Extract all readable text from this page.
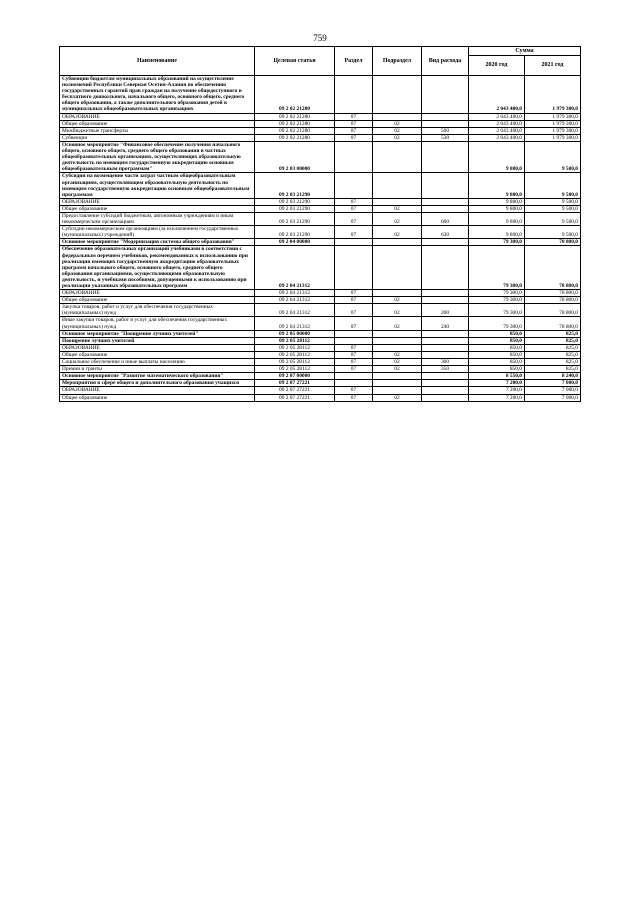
759
Наименование	Целевая статья	Раздел	Подраздел	Вид расхода	Сумма	
					2020 год	2021 год
Субвенции бюджетам муниципальных образований на осуществление полномочий Республики Северная Осетия-Алания по обеспечению государственных гарантий прав граждан на получение общедоступного и бесплатного дошкольного, начального общего, основного общего, среднего общего образования, а также дополнительного образования детей в муниципальных общеобразовательных организациях	09 2 02 21280				2 043 400,0	1 979 300,0
ОБРАЗОВАНИЕ	09 2 02 21280	07			2 043 400,0	1 979 300,0
Общее образование	09 2 02 21280	07	02		2 043 400,0	1 979 300,0
Межбюджетные трансферты	09 2 02 21280	07	02	500	2 043 400,0	1 979 300,0
Субвенции	09 2 02 21280	07	02	530	2 043 400,0	1 979 300,0
Основное мероприятие "Финансовое обеспечение получения начального общего, основного общего, среднего общего образования в частных общеобразовательных организациях, осуществляющих образовательную деятельность по имеющим государственную аккредитацию основным общеобразовательным программам"	09 2 03 00000				9 800,0	9 500,0
Субсидии на возмещение части затрат частным общеобразовательным организациям, осуществляющим образовательную деятельность по имеющим государственную аккредитацию основным общеобразовательным программам	09 2 03 21290				9 800,0	9 500,0
ОБРАЗОВАНИЕ	09 2 03 21290	07			9 800,0	9 500,0
Общее образование	09 2 03 21290	07	02		9 800,0	9 500,0
Предоставление субсидий бюджетным, автономным учреждениям и иным некоммерческим организациям	09 2 03 21290	07	02	600	9 800,0	9 500,0
Субсидии некоммерческим организациям (за исключением государственных (муниципальных) учреждений)	09 2 03 21290	07	02	630	9 800,0	9 500,0
Основное мероприятие "Модернизация системы общего образования"	09 2 04 00000				79 300,0	78 800,0
Обеспечение образовательных организаций учебниками в соответствии с федеральным перечнем учебников, рекомендованных к использованию при реализации имеющих государственную аккредитацию образовательных программ начального общего, основного общего, среднего общего образования организациями, осуществляющими образовательную деятельность, и учебными пособиями, допущенными к использованию при реализации указанных образовательных программ	09 2 04 21312				79 300,0	78 800,0
ОБРАЗОВАНИЕ	09 2 04 21312	07			79 300,0	78 800,0
Общее образование	09 2 04 21312	07	02		79 300,0	78 800,0
Закупка товаров, работ и услуг для обеспечения государственных (муниципальных) нужд	09 2 04 21312	07	02	200	79 300,0	78 800,0
Иные закупки товаров, работ и услуг для обеспечения государственных (муниципальных) нужд	09 2 04 21312	07	02	240	79 300,0	78 800,0
Основное мероприятие "Поощрение лучших учителей"	09 2 05 00000				850,0	825,0
Поощрение лучших учителей	09 2 05 28112				850,0	825,0
ОБРАЗОВАНИЕ	09 2 05 28112	07			850,0	825,0
Общее образование	09 2 05 28112	07	02		850,0	825,0
Социальное обеспечение и иные выплаты населению	09 2 05 28112	07	02	300	850,0	825,0
Премии и гранты	09 2 05 28112	07	02	350	850,0	825,0
Основное мероприятие "Развитие математического образования"	09 2 07 00000				8 550,0	8 240,0
Мероприятия в сфере общего и дополнительного образования учащихся	09 2 07 27221				7 200,0	7 000,0
ОБРАЗОВАНИЕ	09 2 07 27221	07			7 200,0	7 000,0
Общее образование	09 2 07 27221	07	02		7 200,0	7 000,0
